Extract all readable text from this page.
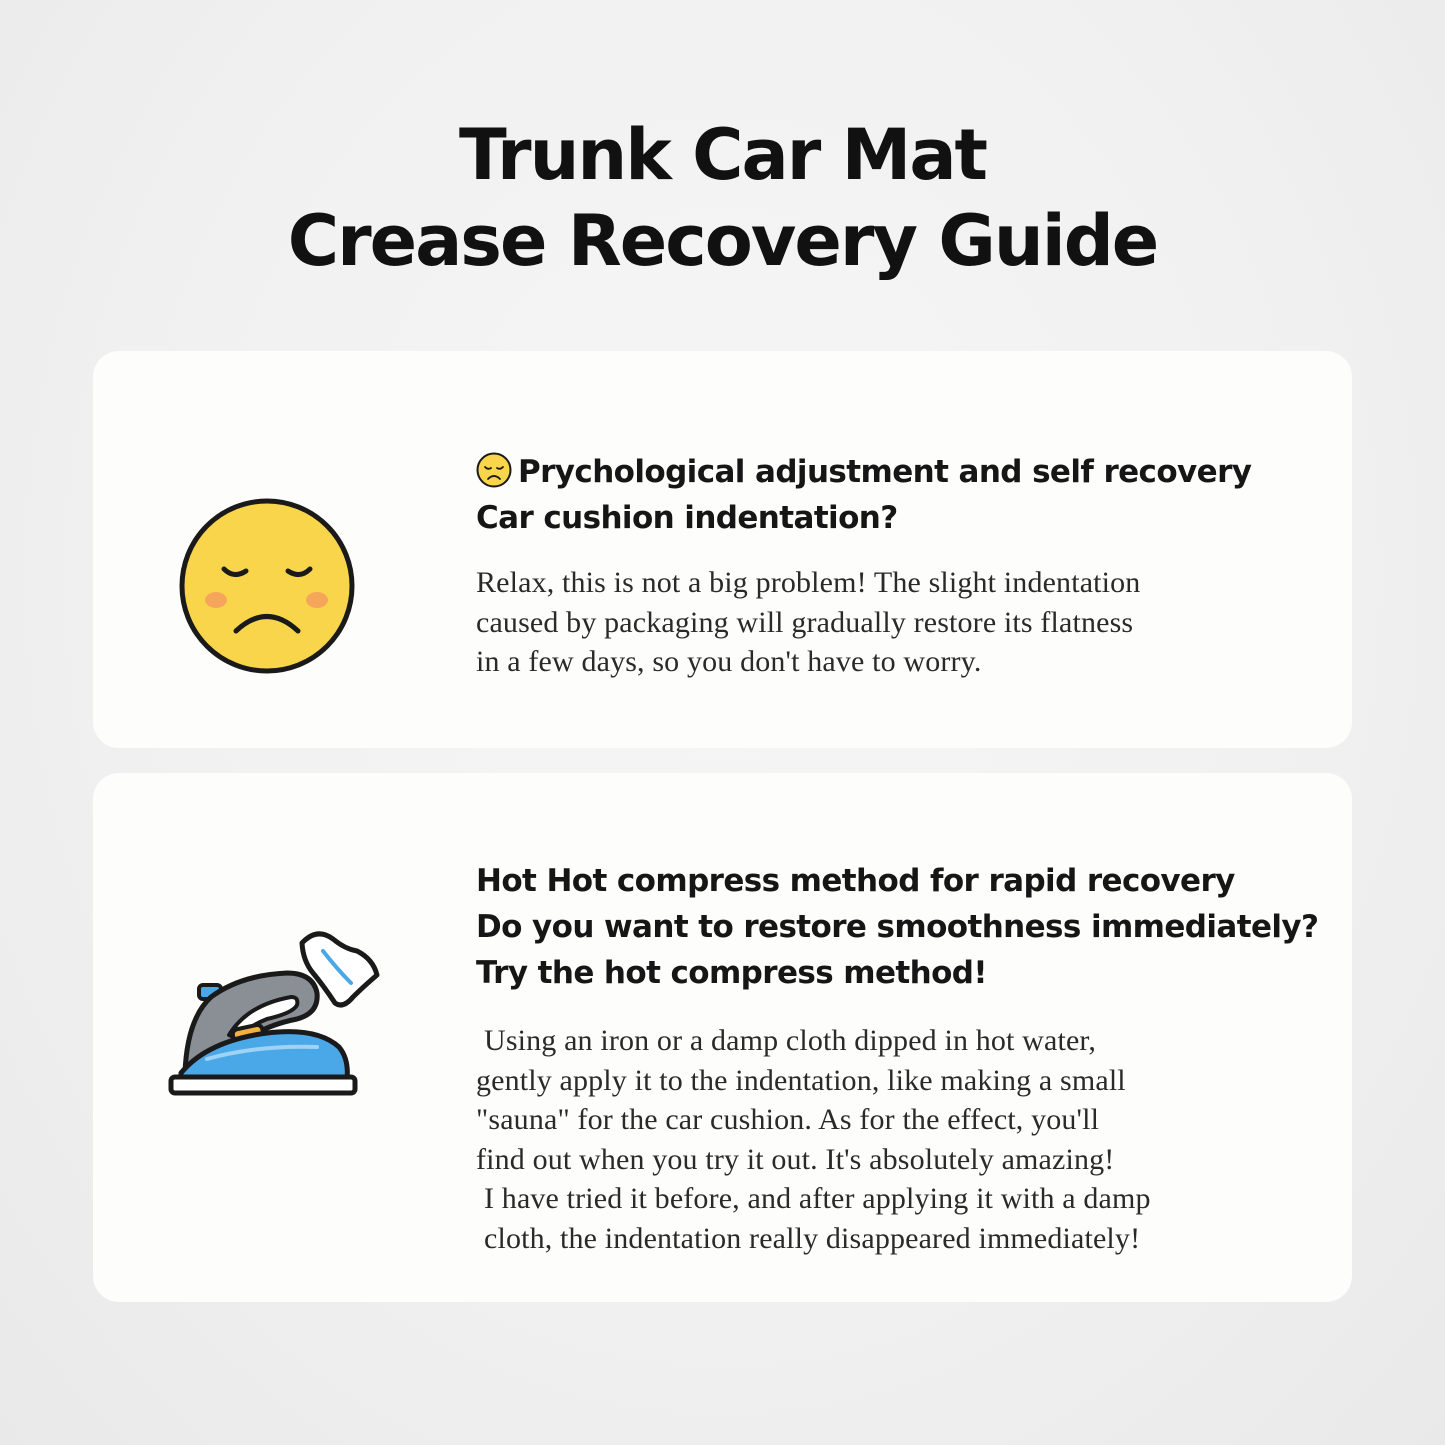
Trunk Car Mat
Crease Recovery Guide
Prychological adjustment and self recovery
Car cushion indentation?

Relax, this is not a big problem! The slight indentation
caused by packaging will gradually restore its flatness
in a few days, so you don't have to worry.

Hot Hot compress method for rapid recovery
Do you want to restore smoothness immediately?
Try the hot compress method!

Using an iron or a damp cloth dipped in hot water,
gently apply it to the indentation, like making a small
"sauna" for the car cushion. As for the effect, you'll
find out when you try it out. It's absolutely amazing!
I have tried it before, and after applying it with a damp
cloth, the indentation really disappeared immediately!
